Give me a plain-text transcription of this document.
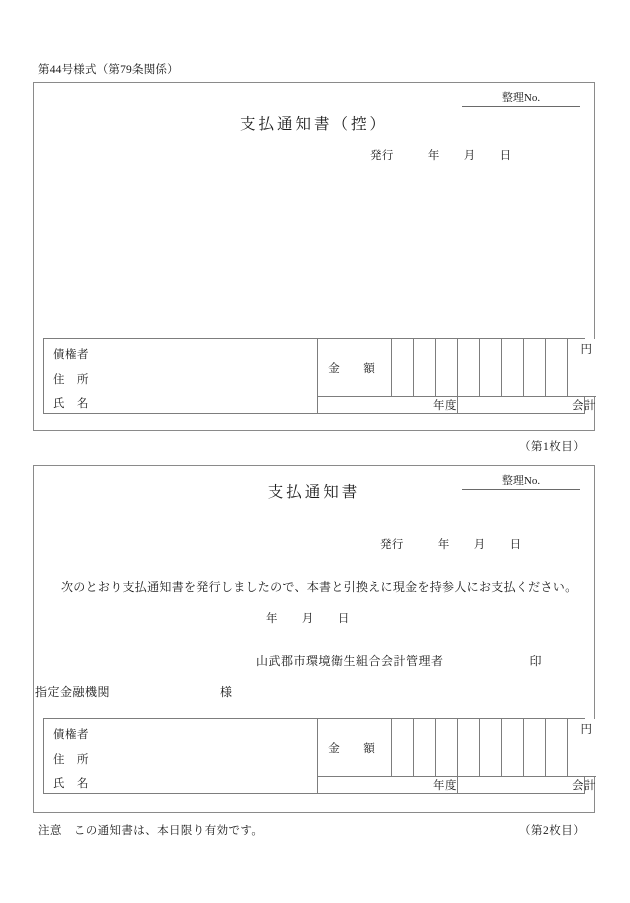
第44号様式（第79条関係）
整理No.
支払通知書（控）
発行	年 月 日
債権者
住　所
氏　名	金　額									円

	年度				会計					
（第1枚目）
整理No.
支払通知書
発行	年 月 日
次のとおり支払通知書を発行しましたので、本書と引換えに現金を持参人にお支払ください。
年 月 日
山武郡市環境衛生組合会計管理者	印
指定金融機関	様
債権者
住　所
氏　名	金　額									円

	年度				会計					
注意 この通知書は、本日限り有効です。	（第2枚目）
